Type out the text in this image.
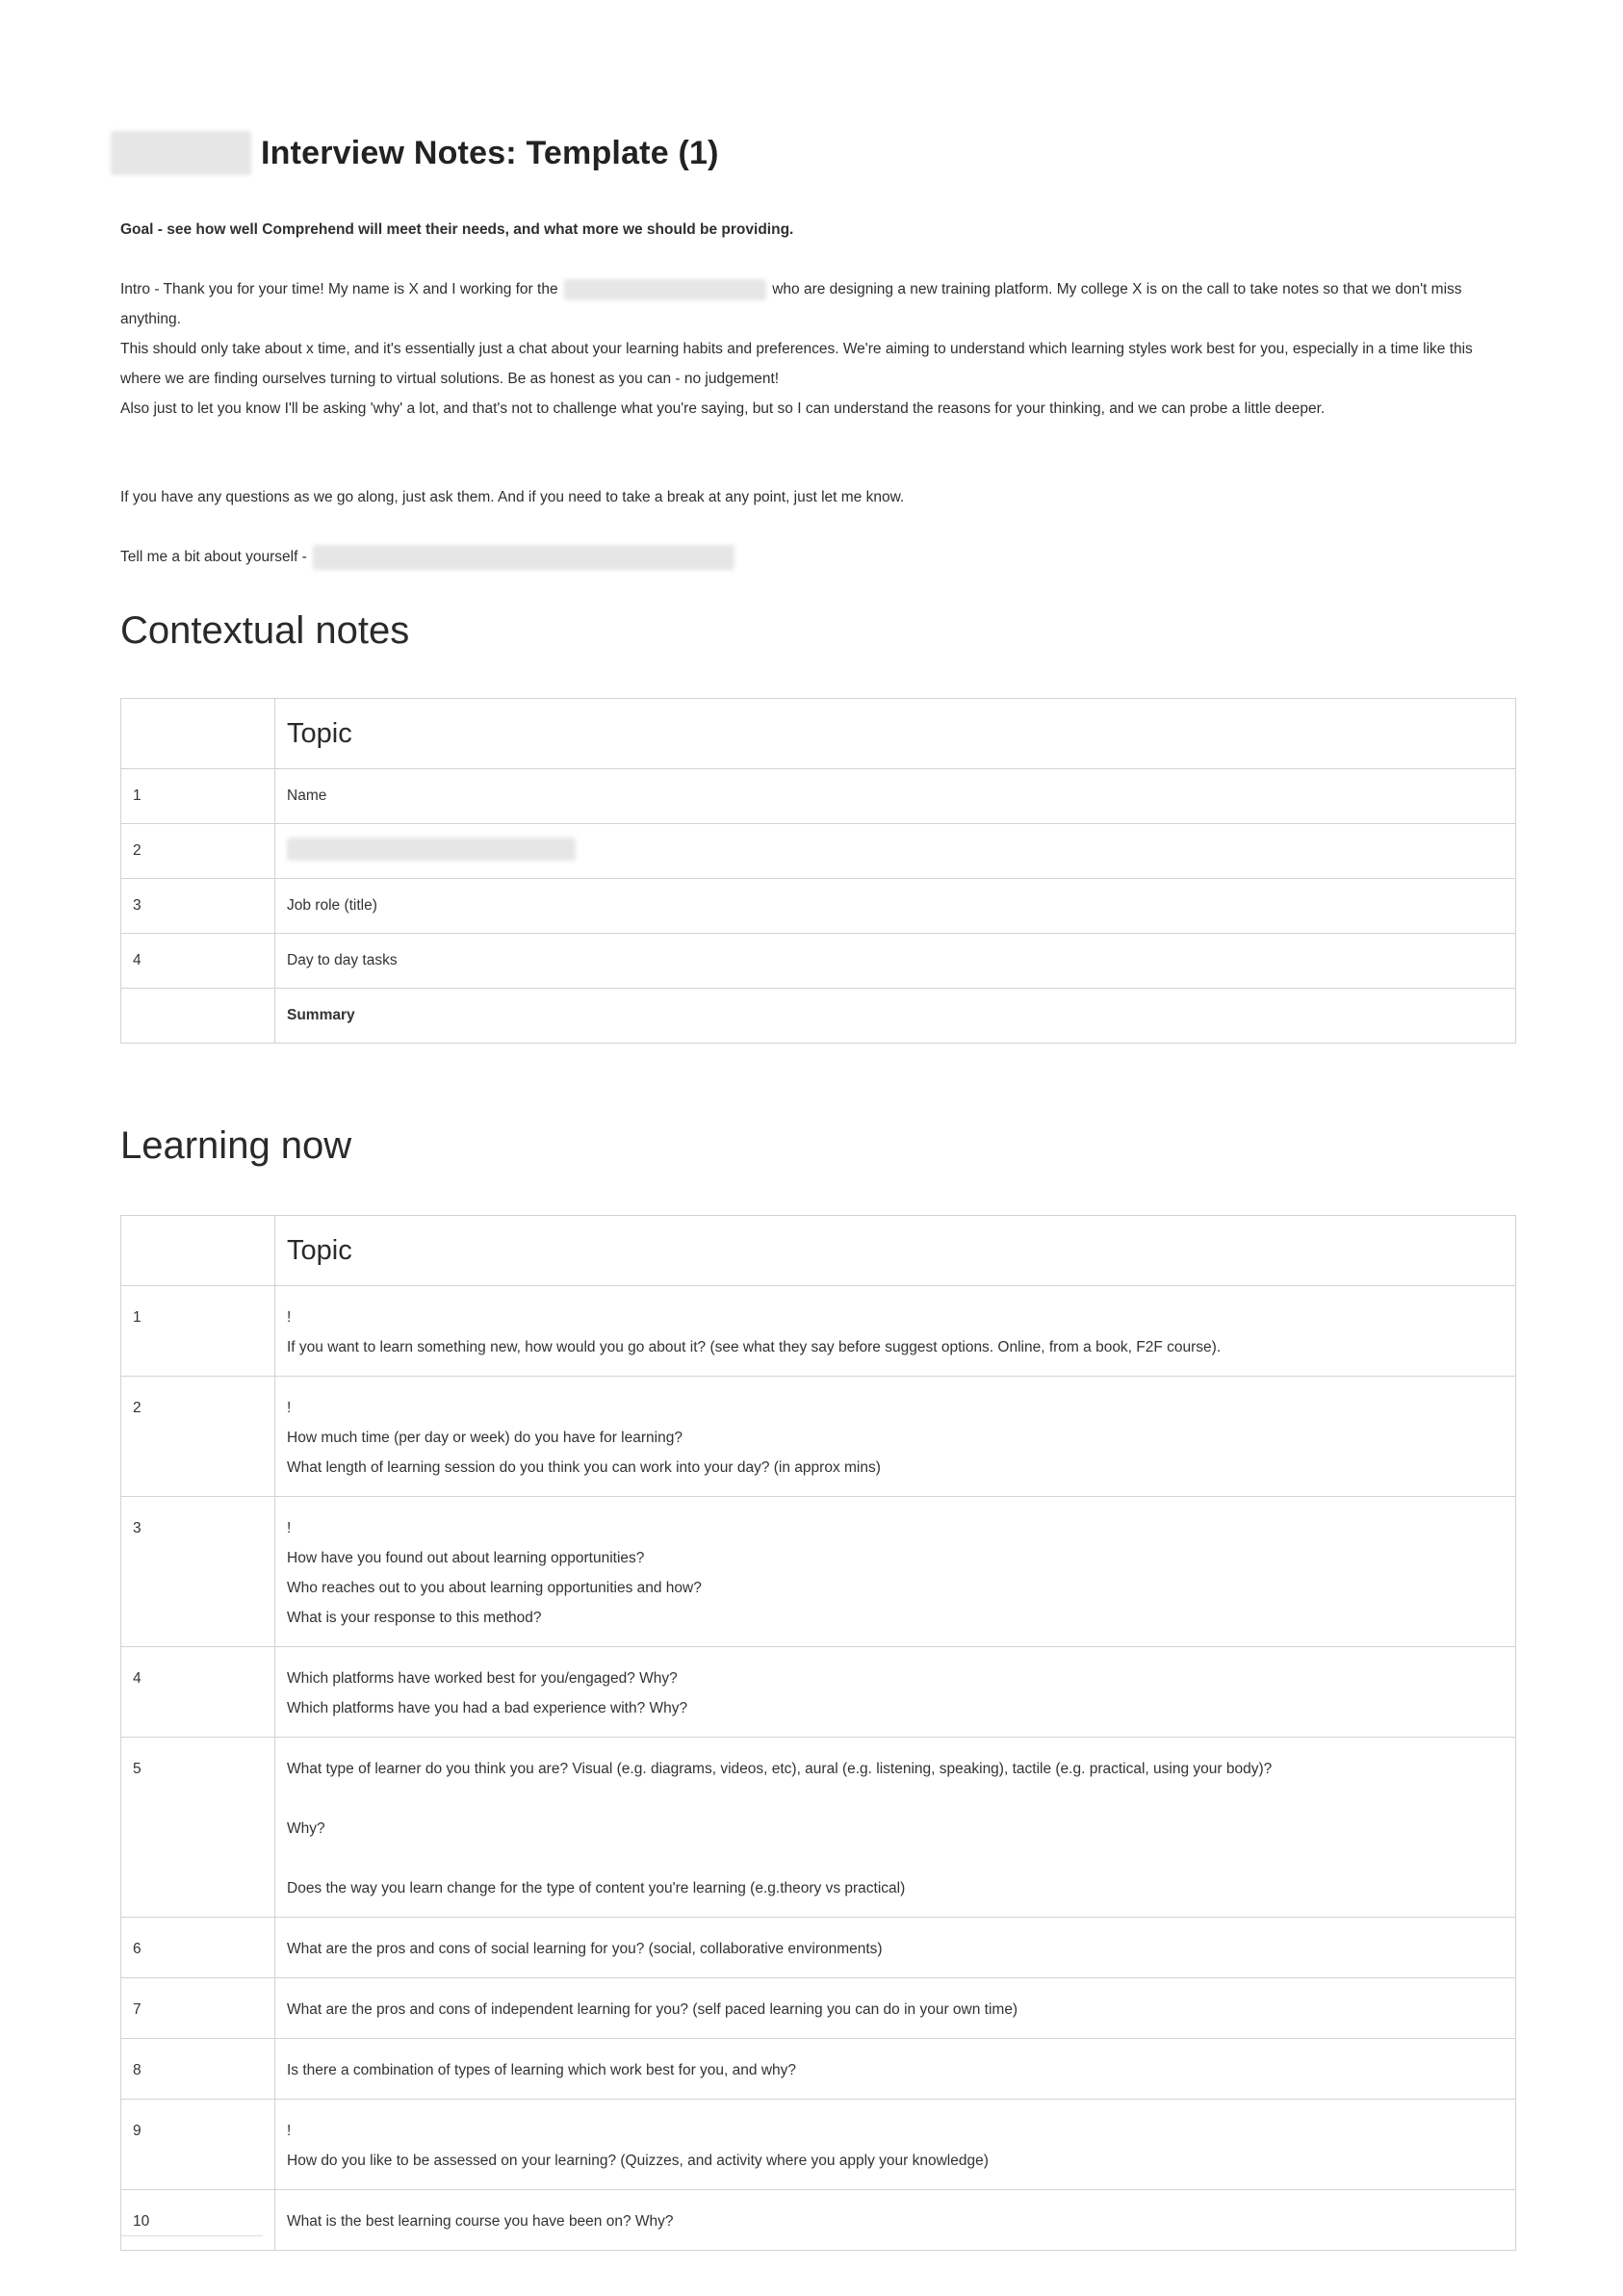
Interview Notes: Template (1)
Goal - see how well Comprehend will meet their needs, and what more we should be providing.

Intro - Thank you for your time! My name is X and I working for the	who are designing a new training platform. My college X is on the call to take notes so that we don't miss anything.

This should only take about x time, and it's essentially just a chat about your learning habits and preferences. We're aiming to understand which learning styles work best for you, especially in a time like this where we are finding ourselves turning to virtual solutions. Be as honest as you can - no judgement!

Also just to let you know I'll be asking 'why' a lot, and that's not to challenge what you're saying, but so I can understand the reasons for your thinking, and we can probe a little deeper.

If you have any questions as we go along, just ask them. And if you need to take a break at any point, just let me know.
Tell me a bit about yourself -
Contextual notes
	Topic
1	Name
2	
3	Job role (title)
4	Day to day tasks
	Summary
Learning now
	Topic
1	!
If you want to learn something new, how would you go about it? (see what they say before suggest options. Online, from a book, F2F course).

2	!
How much time (per day or week) do you have for learning?
What length of learning session do you think you can work into your day? (in approx mins)

3	!
How have you found out about learning opportunities?
Who reaches out to you about learning opportunities and how?
What is your response to this method?

4	Which platforms have worked best for you/engaged? Why?
Which platforms have you had a bad experience with? Why?

5	What type of learner do you think you are? Visual (e.g. diagrams, videos, etc), aural (e.g. listening, speaking), tactile (e.g. practical, using your body)?
Why?
Does the way you learn change for the type of content you're learning (e.g.theory vs practical)

6	What are the pros and cons of social learning for you? (social, collaborative environments)

7	What are the pros and cons of independent learning for you? (self paced learning you can do in your own time)

8	Is there a combination of types of learning which work best for you, and why?

9	!
How do you like to be assessed on your learning? (Quizzes, and activity where you apply your knowledge)

10	What is the best learning course you have been on? Why?
